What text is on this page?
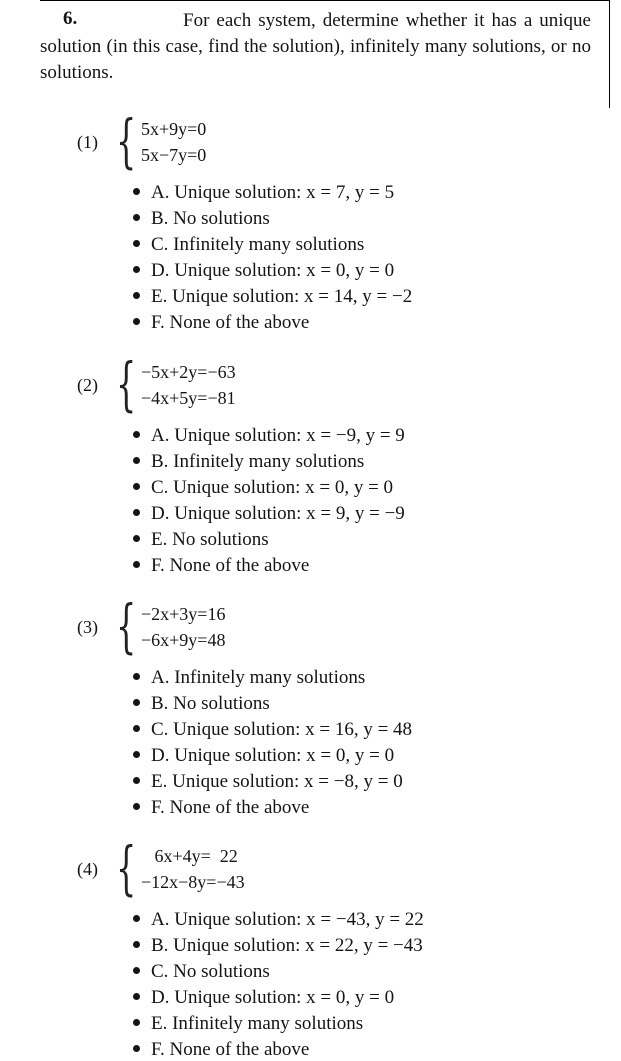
6.	For each system, determine whether it has a unique solution (in this case, find the solution), infinitely many solutions, or no solutions.
(1) { 5x+9y=0
5x−7y=0
A. Unique solution: x = 7, y = 5
B. No solutions
C. Infinitely many solutions
D. Unique solution: x = 0, y = 0
E. Unique solution: x = 14, y = −2
F. None of the above
(2) { −5x+2y=−63
−4x+5y=−81
A. Unique solution: x = −9, y = 9
B. Infinitely many solutions
C. Unique solution: x = 0, y = 0
D. Unique solution: x = 9, y = −9
E. No solutions
F. None of the above
(3) { −2x+3y=16
−6x+9y=48
A. Infinitely many solutions
B. No solutions
C. Unique solution: x = 16, y = 48
D. Unique solution: x = 0, y = 0
E. Unique solution: x = −8, y = 0
F. None of the above
(4) { 6x+4y=  22
−12x−8y=−43
A. Unique solution: x = −43, y = 22
B. Unique solution: x = 22, y = −43
C. No solutions
D. Unique solution: x = 0, y = 0
E. Infinitely many solutions
F. None of the above
